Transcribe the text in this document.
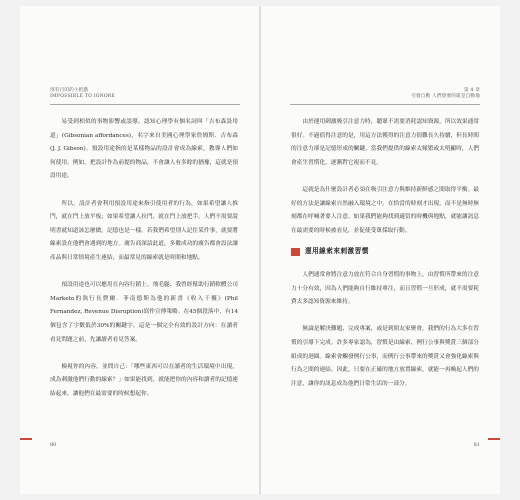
別有目的的小把戲
IMPOSSIBLE TO IGNORE

易受到相似的事物影響或誤導，認知心理學有個名詞叫「吉布森設用道」(Gibsonian affordances)，名字來自美國心理學家詹姆斯．吉布森(J. J. Gibson)。預設用途指的是某樣物品的設計會成為線索，教導人們如何使用。例如，把設計作為前提的物品，不會讓人有多餘的猶豫，這就是預設用途。

所以，設計者會利用預設用途來指引使用者的行為，如果希望讓人推門，就在門上放平板；如果希望讓人拉門，就在門上放把手。人們不需要說明書就知道該怎麼做。記憶也是一樣，若我們希望別人記住某件事，就要將線索設在他們會遇到的地方。廣告商深諳此道，多數成功的廣告都會設法讓產品與日常情境產生連結，而最常見的線索就是時間和地點。

預設用途也可以應用在內容行銷上。飛毛腿、我曾經幫助行銷軟體公司Marketo的執行長費爾．菲南德斯為他的新書《收入干擾》(Phil Fernandez, Revenue Disruption)寫作宣傳策略。在45個段落中，有14個包含了字數低於30%的關鍵字，這是一個完全有效的設計方向：在讀者看見問題之前，先讓讀者看見答案。

檢視你的內容，並問自己：「哪些東西可以在讀者的生活環境中出現，成為刺激他們行動的線索？」如果能找到，就能把你的內容和讀者的記憶連結起來，讓他們在最需要的時候想起你。

80
第 4 章
引發自動 人們想要的就是自動地

由於運用刺激吸引注意力時，聽眾不需要消耗認知資源，所以效果通常很好。不過值得注意的是，用這方法獲得的注意力很難長久持續，但長時間的注意力卻是記憶形成的關鍵。當我們提供的線索太頻繁或太明顯時，人們會產生習慣化，逐漸對它視而不見。

這就是為什麼設計者必須在吸引注意力與維持新鮮感之間取得平衡。最好的方法是讓線索自然融入環境之中，在恰當的時刻才出現，而不是無時無刻都在呼喊著要人注意。如果我們能夠找到適當的時機與地點，就能讓訊息在最需要的時候被看見，並促使受眾採取行動。

運用線索來刺激習慣

人們通常會將注意力放在符合自身習慣的事物上，由習慣所帶來的注意力十分有效，因為人們能夠自行維持專注，而且習慣一旦形成，就不需要耗費太多認知資源來維持。

無論是解決難題、完成專案，或是到朋友家聚會，我們的行為大多在習慣的引導下完成。許多專家認為，習慣是由線索、例行公事與獎賞三個部分組成的迴圈。線索會觸發例行公事，而例行公事帶來的獎賞又會強化線索與行為之間的連結。因此，只要在正確的地方放置線索，就能一再喚起人們的注意，讓你的訊息成為他們日常生活的一部分。

81
